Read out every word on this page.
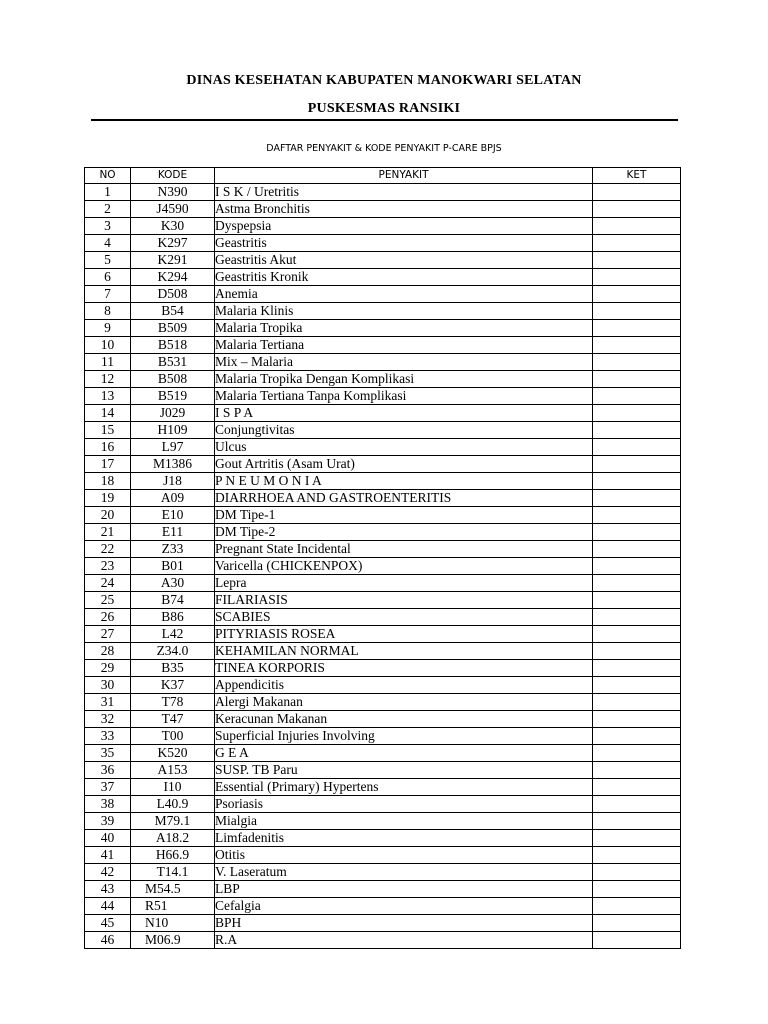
DINAS KESEHATAN KABUPATEN MANOKWARI SELATAN
PUSKESMAS RANSIKI
DAFTAR PENYAKIT & KODE PENYAKIT P-CARE BPJS
NO	KODE	PENYAKIT	KET
1	N390	I S K / Uretritis	
2	J4590	Astma Bronchitis	
3	K30	Dyspepsia	
4	K297	Geastritis	
5	K291	Geastritis Akut	
6	K294	Geastritis Kronik	
7	D508	Anemia	
8	B54	Malaria Klinis	
9	B509	Malaria Tropika	
10	B518	Malaria Tertiana	
11	B531	Mix – Malaria	
12	B508	Malaria Tropika Dengan Komplikasi	
13	B519	Malaria Tertiana Tanpa Komplikasi	
14	J029	I S P A	
15	H109	Conjungtivitas	
16	L97	Ulcus	
17	M1386	Gout Artritis (Asam Urat)	
18	J18	P N E U M O N I A	
19	A09	DIARRHOEA AND GASTROENTERITIS	
20	E10	DM Tipe-1	
21	E11	DM Tipe-2	
22	Z33	Pregnant State Incidental	
23	B01	Varicella (CHICKENPOX)	
24	A30	Lepra	
25	B74	FILARIASIS	
26	B86	SCABIES	
27	L42	PITYRIASIS ROSEA	
28	Z34.0	KEHAMILAN NORMAL	
29	B35	TINEA KORPORIS	
30	K37	Appendicitis	
31	T78	Alergi Makanan	
32	T47	Keracunan Makanan	
33	T00	Superficial Injuries Involving	
35	K520	G E A	
36	A153	SUSP. TB Paru	
37	I10	Essential (Primary) Hypertens	
38	L40.9	Psoriasis	
39	M79.1	Mialgia	
40	A18.2	Limfadenitis	
41	H66.9	Otitis	
42	T14.1	V. Laseratum	
43	M54.5	LBP	
44	R51	Cefalgia	
45	N10	BPH	
46	M06.9	R.A	
